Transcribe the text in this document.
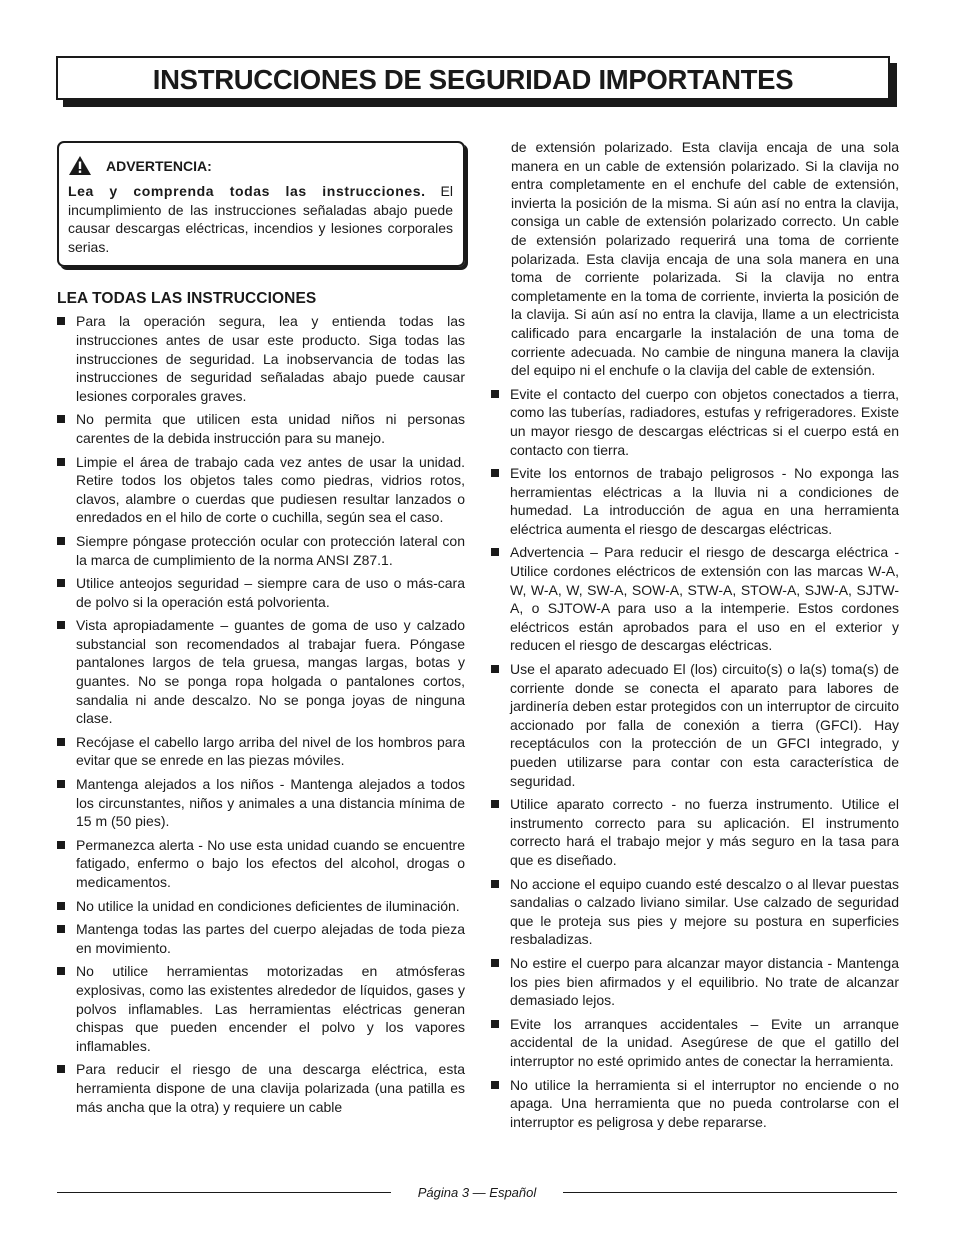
INSTRUCCIONES DE SEGURIDAD IMPORTANTES
ADVERTENCIA:

Lea y comprenda todas las instrucciones. El incumplimiento de las instrucciones señaladas abajo puede causar descargas eléctricas, incendios y lesiones corporales serias.

LEA TODAS LAS INSTRUCCIONES
Para la operación segura, lea y entienda todas las instrucciones antes de usar este producto. Siga todas las instrucciones de seguridad. La inobservancia de todas las instrucciones de seguridad señaladas abajo puede causar lesiones corporales graves.
No permita que utilicen esta unidad niños ni personas carentes de la debida instrucción para su manejo.
Limpie el área de trabajo cada vez antes de usar la unidad. Retire todos los objetos tales como piedras, vidrios rotos, clavos, alambre o cuerdas que pudiesen resultar lanzados o enredados en el hilo de corte o cuchilla, según sea el caso.
Siempre póngase protección ocular con protección lateral con la marca de cumplimiento de la norma ANSI Z87.1.
Utilice anteojos seguridad – siempre cara de uso o más-cara de polvo si la operación está polvorienta.
Vista apropiadamente – guantes de goma de uso y calzado substancial son recomendados al trabajar fuera. Póngase pantalones largos de tela gruesa, mangas largas, botas y guantes. No se ponga ropa holgada o pantalones cortos, sandalia ni ande descalzo. No se ponga joyas de ninguna clase.
Recójase el cabello largo arriba del nivel de los hombros para evitar que se enrede en las piezas móviles.
Mantenga alejados a los niños - Mantenga alejados a todos los circunstantes, niños y animales a una distancia mínima de 15 m (50 pies).
Permanezca alerta - No use esta unidad cuando se encuentre fatigado, enfermo o bajo los efectos del alcohol, drogas o medicamentos.
No utilice la unidad en condiciones deficientes de iluminación.
Mantenga todas las partes del cuerpo alejadas de toda pieza en movimiento.
No utilice herramientas motorizadas en atmósferas explosivas, como las existentes alrededor de líquidos, gases y polvos inflamables. Las herramientas eléctricas generan chispas que pueden encender el polvo y los vapores inflamables.
Para reducir el riesgo de una descarga eléctrica, esta herramienta dispone de una clavija polarizada (una patilla es más ancha que la otra) y requiere un cable

de extensión polarizado. Esta clavija encaja de una sola manera en un cable de extensión polarizado. Si la clavija no entra completamente en el enchufe del cable de extensión, invierta la posición de la misma. Si aún así no entra la clavija, consiga un cable de extensión polarizado correcto. Un cable de extensión polarizado requerirá una toma de corriente polarizada. Esta clavija encaja de una sola manera en una toma de corriente polarizada. Si la clavija no entra completamente en la toma de corriente, invierta la posición de la clavija. Si aún así no entra la clavija, llame a un electricista calificado para encargarle la instalación de una toma de corriente adecuada. No cambie de ninguna manera la clavija del equipo ni el enchufe o la clavija del cable de extensión.

Evite el contacto del cuerpo con objetos conectados a tierra, como las tuberías, radiadores, estufas y refrigeradores. Existe un mayor riesgo de descargas eléctricas si el cuerpo está en contacto con tierra.
Evite los entornos de trabajo peligrosos - No exponga las herramientas eléctricas a la lluvia ni a condiciones de humedad. La introducción de agua en una herramienta eléctrica aumenta el riesgo de descargas eléctricas.
Advertencia – Para reducir el riesgo de descarga eléctrica - Utilice cordones eléctricos de extensión con las marcas W-A, W, W-A, W, SW-A, SOW-A, STW-A, STOW-A, SJW-A, SJTW-A, o SJTOW-A para uso a la intemperie. Estos cordones eléctricos están aprobados para el uso en el exterior y reducen el riesgo de descargas eléctricas.
Use el aparato adecuado El (los) circuito(s) o la(s) toma(s) de corriente donde se conecta el aparato para labores de jardinería deben estar protegidos con un interruptor de circuito accionado por falla de conexión a tierra (GFCI). Hay receptáculos con la protección de un GFCI integrado, y pueden utilizarse para contar con esta característica de seguridad.
Utilice aparato correcto - no fuerza instrumento. Utilice el instrumento correcto para su aplicación. El instrumento correcto hará el trabajo mejor y más seguro en la tasa para que es diseñado.
No accione el equipo cuando esté descalzo o al llevar puestas sandalias o calzado liviano similar. Use calzado de seguridad que le proteja sus pies y mejore su postura en superficies resbaladizas.
No estire el cuerpo para alcanzar mayor distancia - Mantenga los pies bien afirmados y el equilibrio. No trate de alcanzar demasiado lejos.
Evite los arranques accidentales – Evite un arranque accidental de la unidad. Asegúrese de que el gatillo del interruptor no esté oprimido antes de conectar la herramienta.
No utilice la herramienta si el interruptor no enciende o no apaga. Una herramienta que no pueda controlarse con el interruptor es peligrosa y debe repararse.
Página 3 — Español
